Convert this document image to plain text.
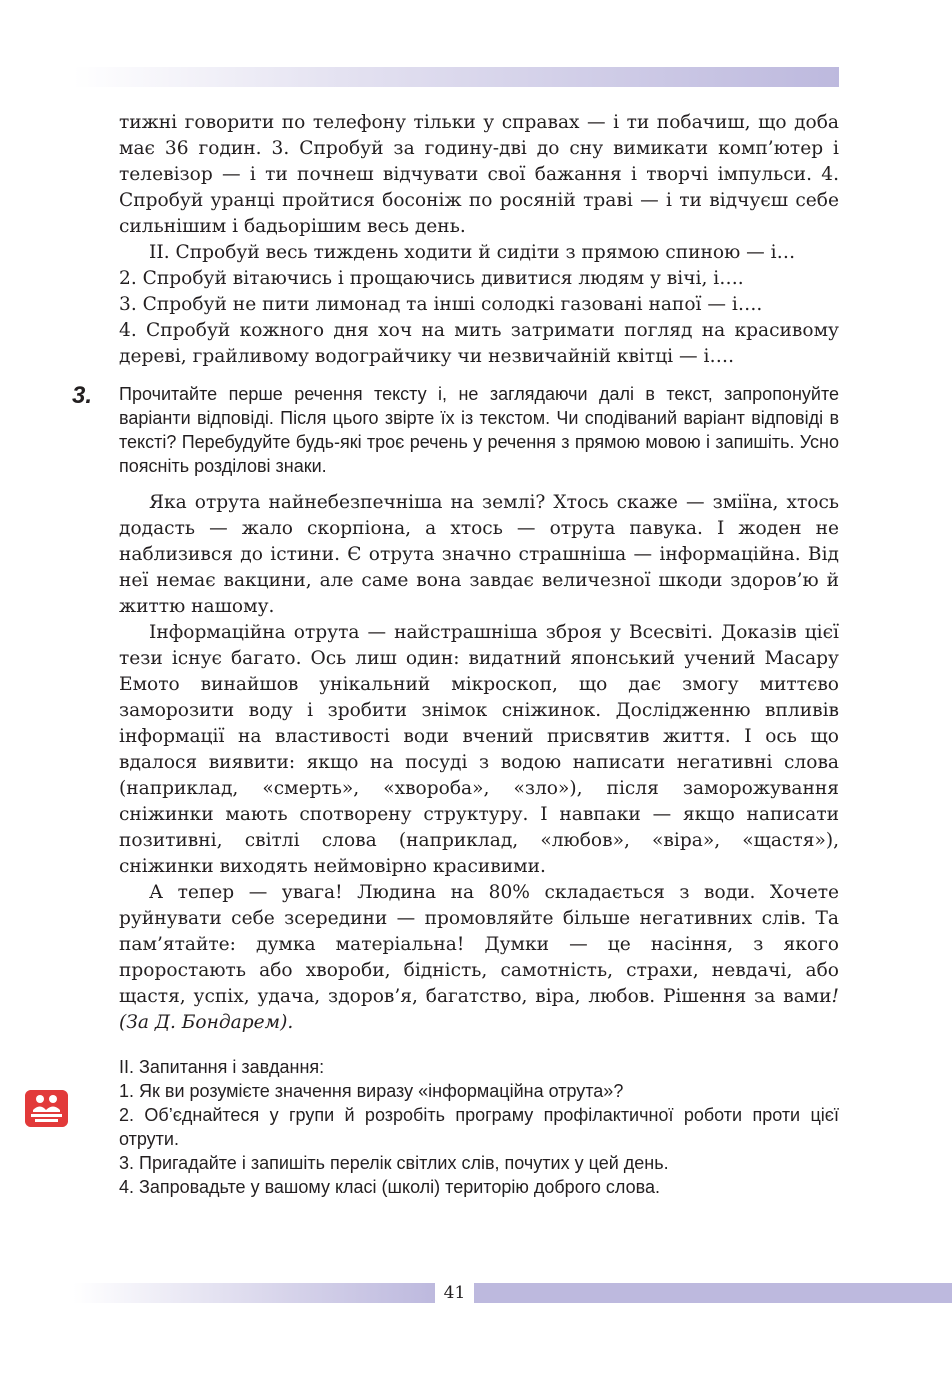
тижні говорити по телефону тільки у справах — і ти побачиш, що доба має 36 годин. 3. Спробуй за годину-дві до сну вимикати комп’ютер і телевізор — і ти почнеш відчувати свої бажання і творчі імпульси. 4. Спробуй уранці пройтися босоніж по росяній траві — і ти відчуєш себе сильнішим і бадьорішим весь день.

ІІ. Спробуй весь тиждень ходити й сидіти з прямою спиною — і…

2. Спробуй вітаючись і прощаючись дивитися людям у вічі, і….

3. Спробуй не пити лимонад та інші солодкі газовані напої — і….

4. Спробуй кожного дня хоч на мить затримати погляд на красивому дереві, грайливому водограйчику чи незвичайній квітці — і….

3. Прочитайте перше речення тексту і, не заглядаючи далі в текст, запропонуйте варіанти відповіді. Після цього звірте їх із текстом. Чи сподіваний варіант відповіді в тексті? Перебудуйте будь-які троє речень у речення з прямою мовою і запишіть. Усно поясніть розділові знаки.

Яка отрута найнебезпечніша на землі? Хтось скаже — зміїна, хтось додасть — жало скорпіона, а хтось — отрута павука. І жоден не наблизився до істини. Є отрута значно страшніша — інформаційна. Від неї немає вакцини, але саме вона завдає величезної шкоди здоров’ю й життю нашому.

Інформаційна отрута — найстрашніша зброя у Всесвіті. Доказів цієї тези існує багато. Ось лиш один: видатний японський учений Масару Емото винайшов унікальний мікроскоп, що дає змогу миттєво заморозити воду і зробити знімок сніжинок. Дослідженню впливів інформації на властивості води вчений присвятив життя. І ось що вдалося виявити: якщо на посуді з водою написати негативні слова (наприклад, «смерть», «хвороба», «зло»), після заморожування сніжинки мають спотворену структуру. І навпаки — якщо написати позитивні, світлі слова (наприклад, «любов», «віра», «щастя»), сніжинки виходять неймовірно красивими.

А тепер — увага! Людина на 80% складається з води. Хочете руйнувати себе зсередини — промовляйте більше негативних слів. Та пам’ятайте: думка матеріальна! Думки — це насіння, з якого проростають або хвороби, бідність, самотність, страхи, невдачі, або щастя, успіх, удача, здоров’я, багатство, віра, любов. Рішення за вами! (За Д. Бондарем).

ІІ. Запитання і завдання:

1. Як ви розумієте значення виразу «інформаційна отрута»?

2. Об’єднайтеся у групи й розробіть програму профілактичної роботи проти цієї отрути.

3. Пригадайте і запишіть перелік світлих слів, почутих у цей день.

4. Запровадьте у вашому класі (школі) територію доброго слова.

41
